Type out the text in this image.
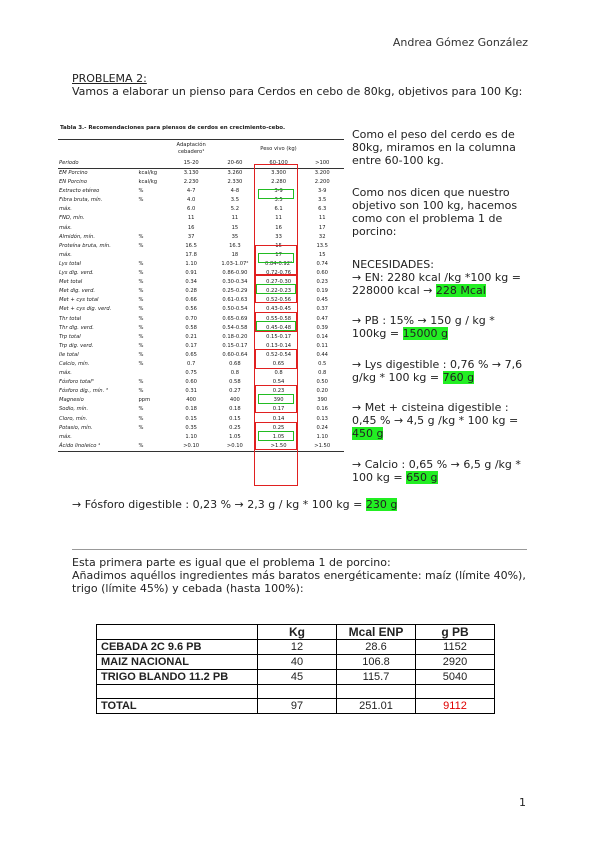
Andrea Gómez González
PROBLEMA 2:
Vamos a elaborar un pienso para Cerdos en cebo de 80kg, objetivos para 100 Kg:
Tabla 3.- Recomendaciones para piensos de cerdos en crecimiento-cebo.
		Adaptación cebadero¹	Peso vivo (kg)		
Periodo		15-20	20-60	60-100	>100
EM Porcino	kcal/kg	3.130	3.260	3.300	3.200
EN Porcino	kcal/kg	2.230	2.330	2.280	2.200
Extracto etéreo	%	4-7	4-8	3-9	3-9
Fibra bruta, mín.	%	4.0	3.5	3.5	3.5
máx.		6.0	5.2	6.1	6.3
FND, mín.		11	11	11	11
máx.		16	15	16	17
Almidón, mín.	%	37	35	33	32
Proteína bruta, mín.	%	16.5	16.3	15	13.5
máx.		17.8	18	17	15
Lys total	%	1.10	1.03-1.07²	0.84-0.92²	0.74
Lys dig. verd.	%	0.91	0.86-0.90	0.72-0.76	0.60
Met total	%	0.34	0.30-0.34	0.27-0.30	0.23
Met dig. verd.	%	0.28	0.25-0.29	0.22-0.23	0.19
Met + cys total	%	0.66	0.61-0.63	0.52-0.56	0.45
Met + cys dig. verd.	%	0.56	0.50-0.54	0.43-0.45	0.37
Thr total	%	0.70	0.65-0.69	0.55-0.58	0.47
Thr dig. verd.	%	0.58	0.54-0.58	0.45-0.48	0.39
Trp total	%	0.21	0.18-0.20	0.15-0.17	0.14
Trp dig. verd.	%	0.17	0.15-0.17	0.13-0.14	0.11
Ile total	%	0.65	0.60-0.64	0.52-0.54	0.44
Calcio, mín.	%	0.7	0.68	0.65	0.5
máx.		0.75	0.8	0.8	0.8
Fósforo total³	%	0.60	0.58	0.54	0.50
Fósforo dig., mín. ³	%	0.31	0.27	0.23	0.20
Magnesio	ppm	400	400	390	390
Sodio, mín.	%	0.18	0.18	0.17	0.16
Cloro, mín.	%	0.15	0.15	0.14	0.13
Potasio, mín.	%	0.35	0.25	0.25	0.24
máx.		1.10	1.05	1.05	1.10
Ácido linoleico ⁴	%	>0.10	>0.10	>1.50	>1.50
Como el peso del cerdo es de 80kg, miramos en la columna entre 60-100 kg.
Como nos dicen que nuestro objetivo son 100 kg, hacemos como con el problema 1 de porcino:
NECESIDADES:
→ EN: 2280 kcal /kg *100 kg = 228000 kcal → 228 Mcal
→ PB : 15% → 150 g / kg * 100kg = 15000 g
→ Lys digestible : 0,76 % → 7,6 g/kg * 100 kg = 760 g
→ Met + cisteina digestible : 0,45 % → 4,5 g /kg * 100 kg = 450 g
→ Calcio : 0,65 % → 6,5 g /kg * 100 kg = 650 g
→ Fósforo digestible : 0,23 % → 2,3 g / kg * 100 kg = 230 g
Esta primera parte es igual que el problema 1 de porcino:
Añadimos aquéllos ingredientes más baratos energéticamente: maíz (límite 40%), trigo (límite 45%) y cebada (hasta 100%):
	Kg	Mcal ENP	g PB
CEBADA 2C 9.6 PB	12	28.6	1152
MAIZ NACIONAL	40	106.8	2920
TRIGO BLANDO 11.2 PB	45	115.7	5040

TOTAL	97	251.01	9112
1
